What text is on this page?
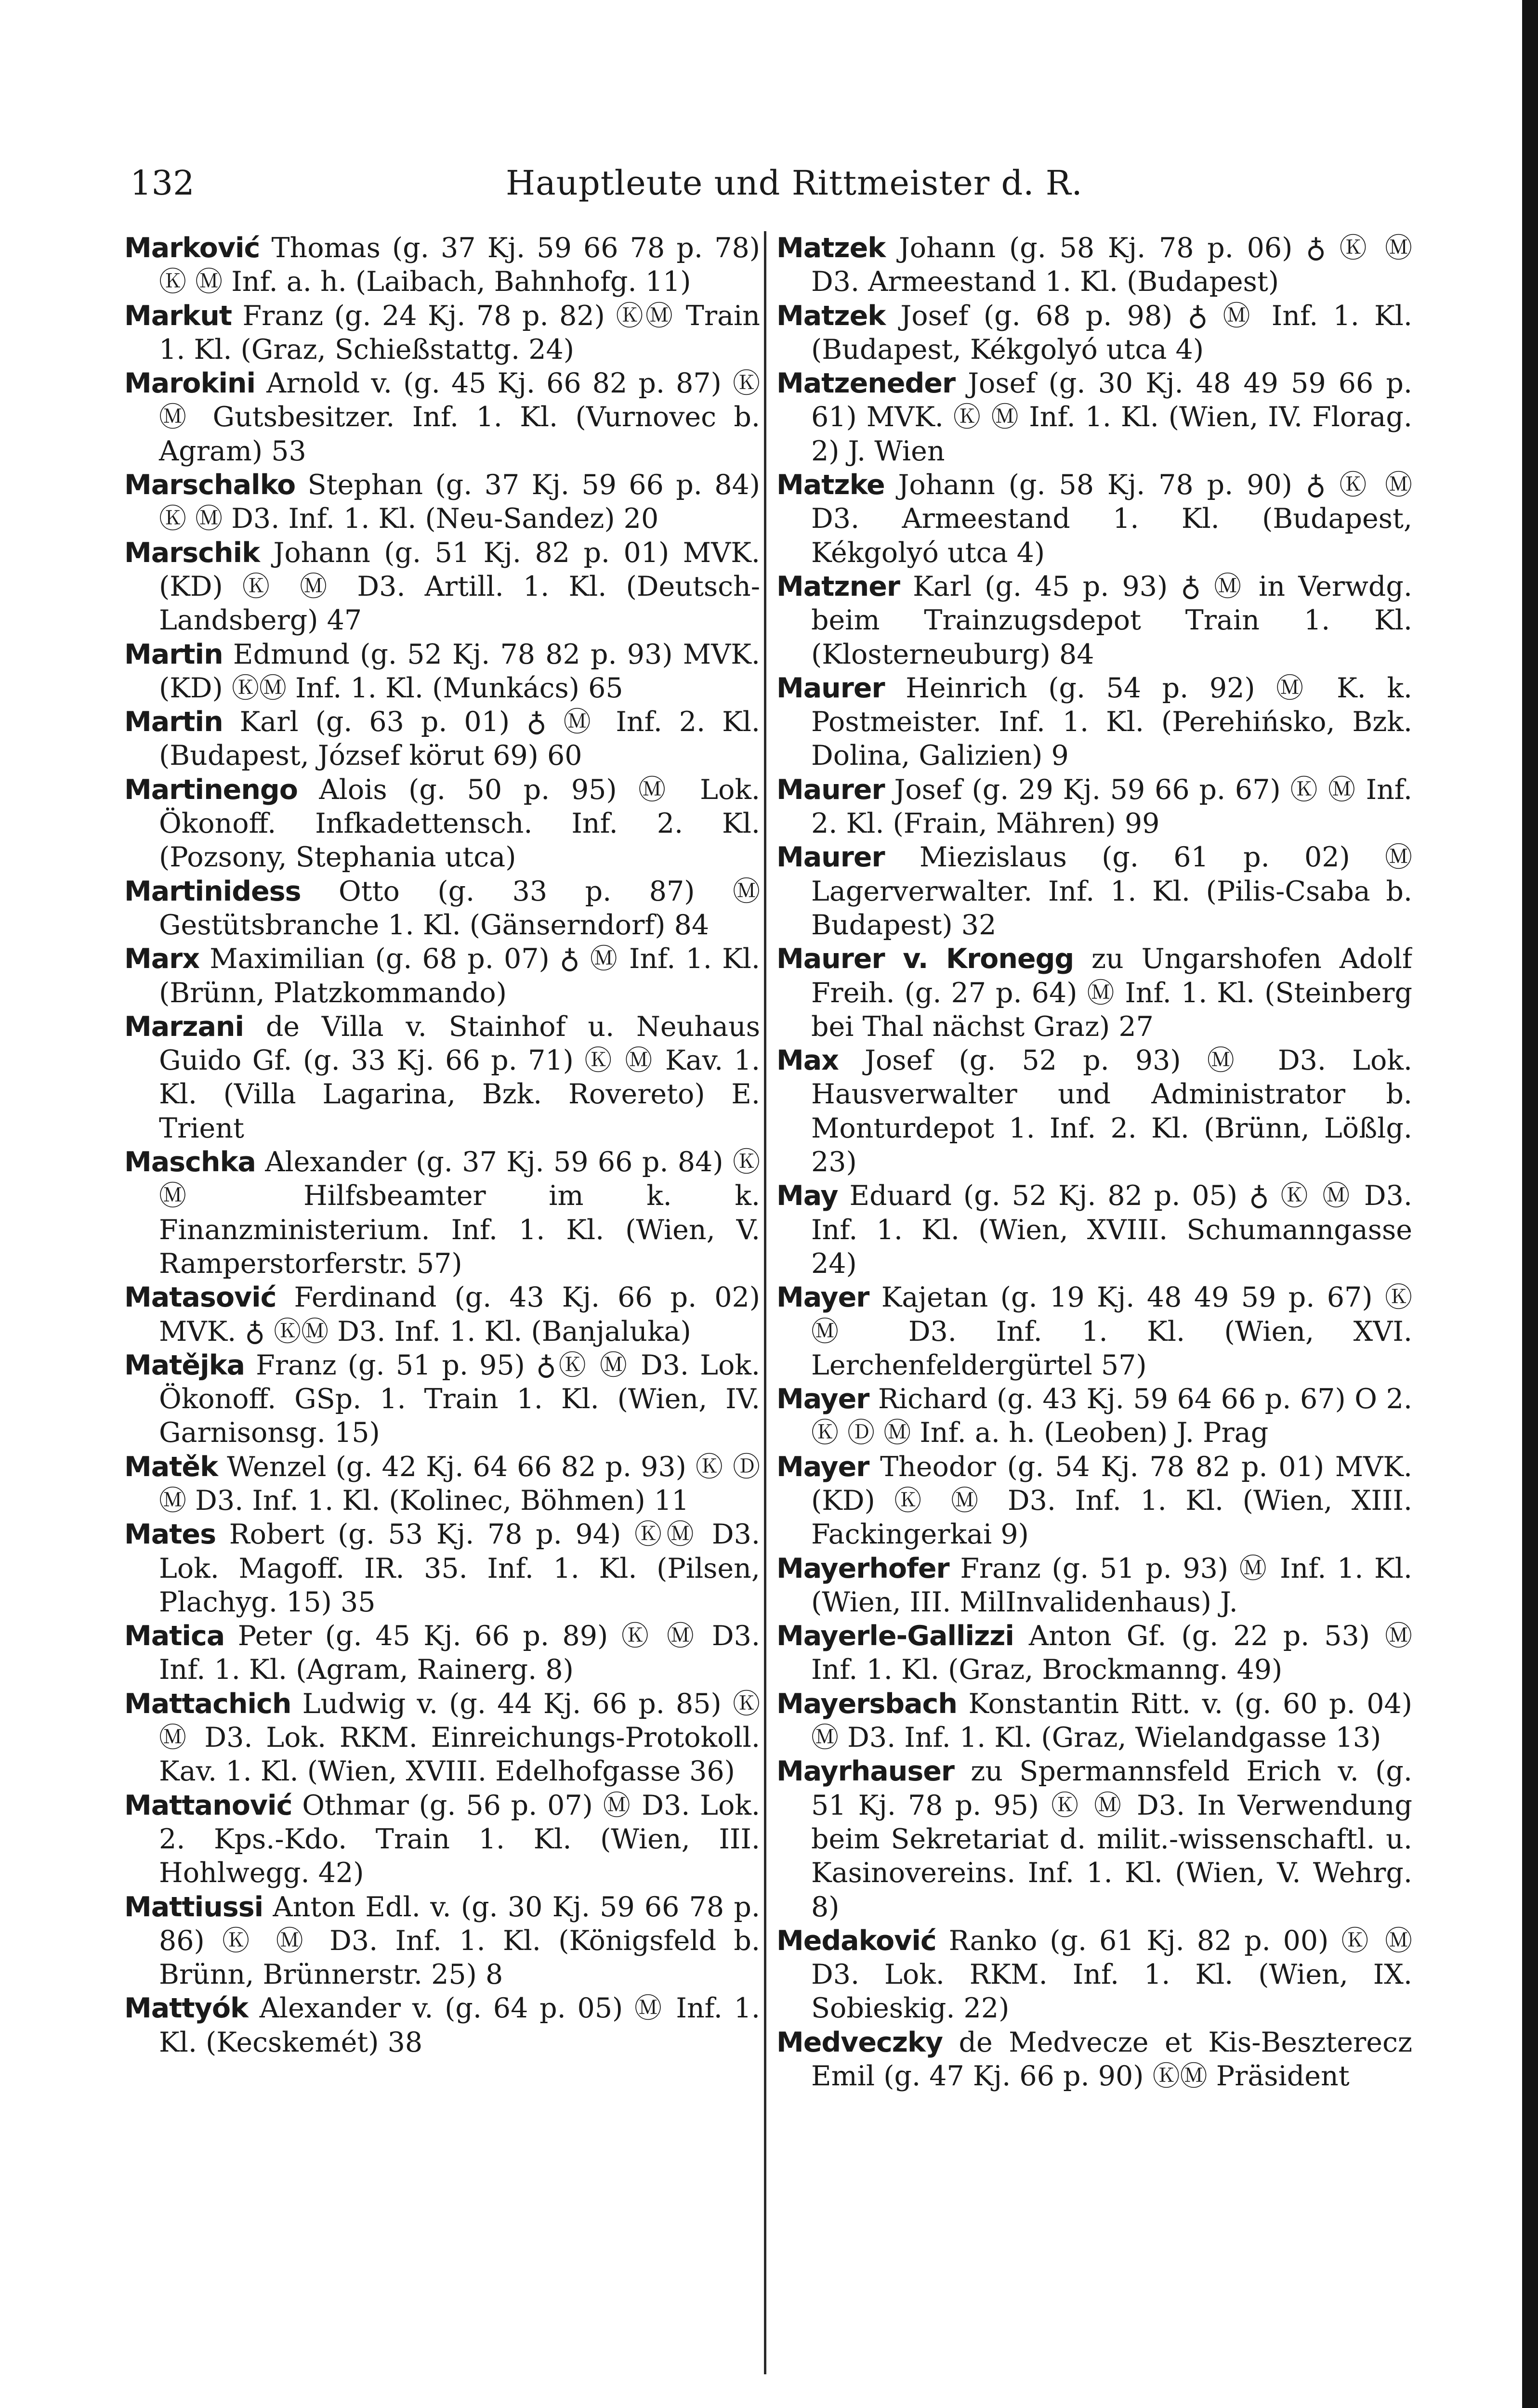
132	Hauptleute und Rittmeister d. R.

Marković Thomas (g. 37 Kj. 59 66 78 p. 78) Ⓚ Ⓜ Inf. a. h. (Laibach, Bahnhofg. 11)

Markut Franz (g. 24 Kj. 78 p. 82) ⓀⓂ Train 1. Kl. (Graz, Schießstattg. 24)

Marokini Arnold v. (g. 45 Kj. 66 82 p. 87) Ⓚ Ⓜ Gutsbesitzer. Inf. 1. Kl. (Vurnovec b. Agram) 53

Marschalko Stephan (g. 37 Kj. 59 66 p. 84) Ⓚ Ⓜ D3. Inf. 1. Kl. (Neu-Sandez) 20

Marschik Johann (g. 51 Kj. 82 p. 01) MVK. (KD) Ⓚ Ⓜ D3. Artill. 1. Kl. (Deutsch-Landsberg) 47

Martin Edmund (g. 52 Kj. 78 82 p. 93) MVK. (KD) ⓀⓂ Inf. 1. Kl. (Munkács) 65

Martin Karl (g. 63 p. 01) ♁ Ⓜ Inf. 2. Kl. (Budapest, József körut 69) 60

Martinengo Alois (g. 50 p. 95) Ⓜ Lok. Ökonoff. Infkadettensch. Inf. 2. Kl. (Pozsony, Stephania utca)

Martinidess Otto (g. 33 p. 87) Ⓜ Gestütsbranche 1. Kl. (Gänserndorf) 84

Marx Maximilian (g. 68 p. 07) ♁ Ⓜ Inf. 1. Kl. (Brünn, Platzkommando)

Marzani de Villa v. Stainhof u. Neuhaus Guido Gf. (g. 33 Kj. 66 p. 71) Ⓚ Ⓜ Kav. 1. Kl. (Villa Lagarina, Bzk. Rovereto) E. Trient

Maschka Alexander (g. 37 Kj. 59 66 p. 84) Ⓚ Ⓜ Hilfsbeamter im k. k. Finanzministerium. Inf. 1. Kl. (Wien, V. Ramperstorferstr. 57)

Matasović Ferdinand (g. 43 Kj. 66 p. 02) MVK. ♁ ⓀⓂ D3. Inf. 1. Kl. (Banjaluka)

Matějka Franz (g. 51 p. 95) ♁Ⓚ Ⓜ D3. Lok. Ökonoff. GSp. 1. Train 1. Kl. (Wien, IV. Garnisonsg. 15)

Matěk Wenzel (g. 42 Kj. 64 66 82 p. 93) Ⓚ Ⓓ Ⓜ D3. Inf. 1. Kl. (Kolinec, Böhmen) 11

Mates Robert (g. 53 Kj. 78 p. 94) ⓀⓂ D3. Lok. Magoff. IR. 35. Inf. 1. Kl. (Pilsen, Plachyg. 15) 35

Matica Peter (g. 45 Kj. 66 p. 89) Ⓚ Ⓜ D3. Inf. 1. Kl. (Agram, Rainerg. 8)

Mattachich Ludwig v. (g. 44 Kj. 66 p. 85) Ⓚ Ⓜ D3. Lok. RKM. Einreichungs-Protokoll. Kav. 1. Kl. (Wien, XVIII. Edelhofgasse 36)

Mattanović Othmar (g. 56 p. 07) Ⓜ D3. Lok. 2. Kps.-Kdo. Train 1. Kl. (Wien, III. Hohlwegg. 42)

Mattiussi Anton Edl. v. (g. 30 Kj. 59 66 78 p. 86) Ⓚ Ⓜ D3. Inf. 1. Kl. (Königsfeld b. Brünn, Brünnerstr. 25) 8

Mattyók Alexander v. (g. 64 p. 05) Ⓜ Inf. 1. Kl. (Kecskemét) 38

Matzek Johann (g. 58 Kj. 78 p. 06) ♁ Ⓚ Ⓜ D3. Armeestand 1. Kl. (Budapest)

Matzek Josef (g. 68 p. 98) ♁ Ⓜ Inf. 1. Kl. (Budapest, Kékgolyó utca 4)

Matzeneder Josef (g. 30 Kj. 48 49 59 66 p. 61) MVK. Ⓚ Ⓜ Inf. 1. Kl. (Wien, IV. Florag. 2) J. Wien

Matzke Johann (g. 58 Kj. 78 p. 90) ♁ Ⓚ Ⓜ D3. Armeestand 1. Kl. (Budapest, Kékgolyó utca 4)

Matzner Karl (g. 45 p. 93) ♁ Ⓜ in Verwdg. beim Trainzugsdepot Train 1. Kl. (Klosterneuburg) 84

Maurer Heinrich (g. 54 p. 92) Ⓜ K. k. Postmeister. Inf. 1. Kl. (Perehińsko, Bzk. Dolina, Galizien) 9

Maurer Josef (g. 29 Kj. 59 66 p. 67) Ⓚ Ⓜ Inf. 2. Kl. (Frain, Mähren) 99

Maurer Miezislaus (g. 61 p. 02) Ⓜ Lagerverwalter. Inf. 1. Kl. (Pilis-Csaba b. Budapest) 32

Maurer v. Kronegg zu Ungarshofen Adolf Freih. (g. 27 p. 64) Ⓜ Inf. 1. Kl. (Steinberg bei Thal nächst Graz) 27

Max Josef (g. 52 p. 93) Ⓜ D3. Lok. Hausverwalter und Administrator b. Monturdepot 1. Inf. 2. Kl. (Brünn, Lößlg. 23)

May Eduard (g. 52 Kj. 82 p. 05) ♁ Ⓚ Ⓜ D3. Inf. 1. Kl. (Wien, XVIII. Schumanngasse 24)

Mayer Kajetan (g. 19 Kj. 48 49 59 p. 67) Ⓚ Ⓜ D3. Inf. 1. Kl. (Wien, XVI. Lerchenfeldergürtel 57)

Mayer Richard (g. 43 Kj. 59 64 66 p. 67) O 2. Ⓚ Ⓓ Ⓜ Inf. a. h. (Leoben) J. Prag

Mayer Theodor (g. 54 Kj. 78 82 p. 01) MVK. (KD) Ⓚ Ⓜ D3. Inf. 1. Kl. (Wien, XIII. Fackingerkai 9)

Mayerhofer Franz (g. 51 p. 93) Ⓜ Inf. 1. Kl. (Wien, III. MilInvalidenhaus) J.

Mayerle-Gallizzi Anton Gf. (g. 22 p. 53) Ⓜ Inf. 1. Kl. (Graz, Brockmanng. 49)

Mayersbach Konstantin Ritt. v. (g. 60 p. 04) Ⓜ D3. Inf. 1. Kl. (Graz, Wielandgasse 13)

Mayrhauser zu Spermannsfeld Erich v. (g. 51 Kj. 78 p. 95) Ⓚ Ⓜ D3. In Verwendung beim Sekretariat d. milit.-wissenschaftl. u. Kasinovereins. Inf. 1. Kl. (Wien, V. Wehrg. 8)

Medaković Ranko (g. 61 Kj. 82 p. 00) Ⓚ Ⓜ D3. Lok. RKM. Inf. 1. Kl. (Wien, IX. Sobieskig. 22)

Medveczky de Medvecze et Kis-Beszterecz Emil (g. 47 Kj. 66 p. 90) ⓀⓂ Präsident
